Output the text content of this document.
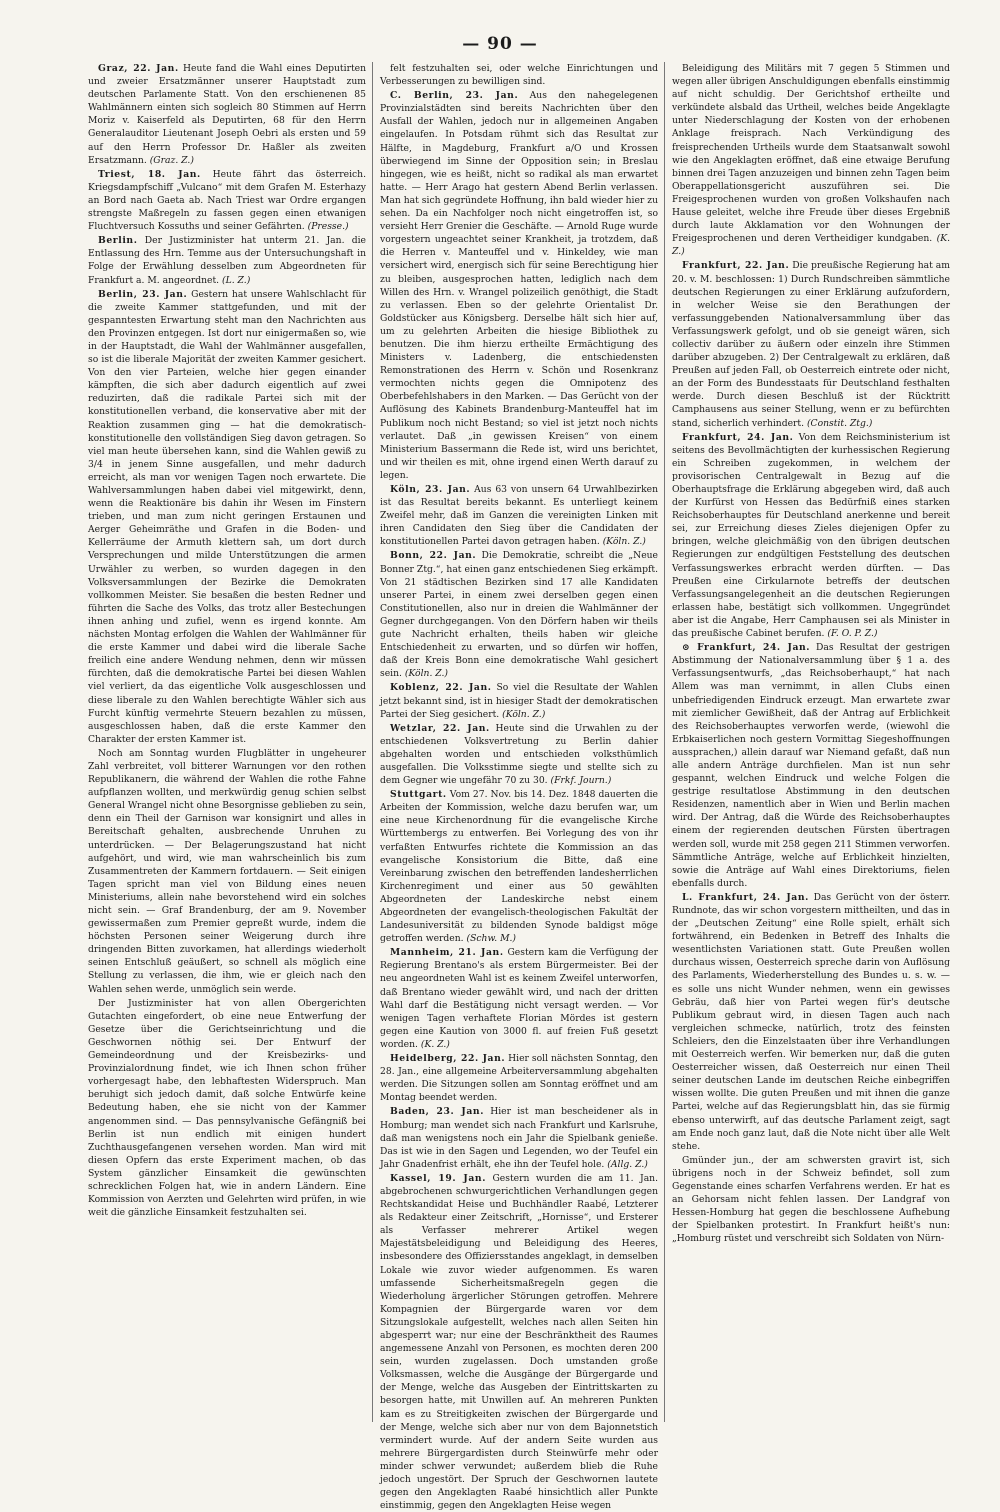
— 90 —

Graz, 22. Jan. Heute fand die Wahl eines Deputirten und zweier Ersatzmänner unserer Hauptstadt zum deutschen Parlamente Statt. Von den erschienenen 85 Wahlmännern einten sich sogleich 80 Stimmen auf Herrn Moriz v. Kaiserfeld als Deputirten, 68 für den Herrn Generalauditor Lieutenant Joseph Oebri als ersten und 59 auf den Herrn Professor Dr. Haßler als zweiten Ersatzmann. (Graz. Z.)

Triest, 18. Jan. Heute fährt das österreich. Kriegsdampfschiff „Vulcano“ mit dem Grafen M. Esterhazy an Bord nach Gaeta ab. Nach Triest war Ordre ergangen strengste Maßregeln zu fassen gegen einen etwanigen Fluchtversuch Kossuths und seiner Gefährten. (Presse.)

Berlin. Der Justizminister hat unterm 21. Jan. die Entlassung des Hrn. Temme aus der Untersuchungshaft in Folge der Erwählung desselben zum Abgeordneten für Frankfurt a. M. angeordnet. (L. Z.)

Berlin, 23. Jan. Gestern hat unsere Wahlschlacht für die zweite Kammer stattgefunden, und mit der gespanntesten Erwartung steht man den Nachrichten aus den Provinzen entgegen. Ist dort nur einigermaßen so, wie in der Hauptstadt, die Wahl der Wahlmänner ausgefallen, so ist die liberale Majorität der zweiten Kammer gesichert. Von den vier Parteien, welche hier gegen einander kämpften, die sich aber dadurch eigentlich auf zwei reduzirten, daß die radikale Partei sich mit der konstitutionellen verband, die konservative aber mit der Reaktion zusammen ging — hat die demokratisch-konstitutionelle den vollständigen Sieg davon getragen. So viel man heute übersehen kann, sind die Wahlen gewiß zu 3/4 in jenem Sinne ausgefallen, und mehr dadurch erreicht, als man vor wenigen Tagen noch erwartete. Die Wahlversammlungen haben dabei viel mitgewirkt, denn, wenn die Reaktionäre bis dahin ihr Wesen im Finstern trieben, und man zum nicht geringen Erstaunen und Aerger Geheimräthe und Grafen in die Boden- und Kellerräume der Armuth klettern sah, um dort durch Versprechungen und milde Unterstützungen die armen Urwähler zu werben, so wurden dagegen in den Volksversammlungen der Bezirke die Demokraten vollkommen Meister. Sie besaßen die besten Redner und führten die Sache des Volks, das trotz aller Bestechungen ihnen anhing und zufiel, wenn es irgend konnte. Am nächsten Montag erfolgen die Wahlen der Wahlmänner für die erste Kammer und dabei wird die liberale Sache freilich eine andere Wendung nehmen, denn wir müssen fürchten, daß die demokratische Partei bei diesen Wahlen viel verliert, da das eigentliche Volk ausgeschlossen und diese liberale zu den Wahlen berechtigte Wähler sich aus Furcht künftig vermehrte Steuern bezahlen zu müssen, ausgeschlossen haben, daß die erste Kammer den Charakter der ersten Kammer ist.

Noch am Sonntag wurden Flugblätter in ungeheurer Zahl verbreitet, voll bitterer Warnungen vor den rothen Republikanern, die während der Wahlen die rothe Fahne aufpflanzen wollten, und merkwürdig genug schien selbst General Wrangel nicht ohne Besorgnisse geblieben zu sein, denn ein Theil der Garnison war konsignirt und alles in Bereitschaft gehalten, ausbrechende Unruhen zu unterdrücken. — Der Belagerungszustand hat nicht aufgehört, und wird, wie man wahrscheinlich bis zum Zusammentreten der Kammern fortdauern. — Seit einigen Tagen spricht man viel von Bildung eines neuen Ministeriums, allein nahe bevorstehend wird ein solches nicht sein. — Graf Brandenburg, der am 9. November gewissermaßen zum Premier gepreßt wurde, indem die höchsten Personen seiner Weigerung durch ihre dringenden Bitten zuvorkamen, hat allerdings wiederholt seinen Entschluß geäußert, so schnell als möglich eine Stellung zu verlassen, die ihm, wie er gleich nach den Wahlen sehen werde, unmöglich sein werde.

Der Justizminister hat von allen Obergerichten Gutachten eingefordert, ob eine neue Entwerfung der Gesetze über die Gerichtseinrichtung und die Geschwornen nöthig sei. Der Entwurf der Gemeindeordnung und der Kreisbezirks- und Provinzialordnung findet, wie ich Ihnen schon früher vorhergesagt habe, den lebhaftesten Widerspruch. Man beruhigt sich jedoch damit, daß solche Entwürfe keine Bedeutung haben, ehe sie nicht von der Kammer angenommen sind. — Das pennsylvanische Gefängniß bei Berlin ist nun endlich mit einigen hundert Zuchthausgefangenen versehen worden. Man wird mit diesen Opfern das erste Experiment machen, ob das System gänzlicher Einsamkeit die gewünschten schrecklichen Folgen hat, wie in andern Ländern. Eine Kommission von Aerzten und Gelehrten wird prüfen, in wie weit die gänzliche Einsamkeit festzuhalten sei.

felt festzuhalten sei, oder welche Einrichtungen und Verbesserungen zu bewilligen sind.

C. Berlin, 23. Jan. Aus den nahegelegenen Provinzialstädten sind bereits Nachrichten über den Ausfall der Wahlen, jedoch nur in allgemeinen Angaben eingelaufen. In Potsdam rühmt sich das Resultat zur Hälfte, in Magdeburg, Frankfurt a/O und Krossen überwiegend im Sinne der Opposition sein; in Breslau hingegen, wie es heißt, nicht so radikal als man erwartet hatte. — Herr Arago hat gestern Abend Berlin verlassen. Man hat sich gegründete Hoffnung, ihn bald wieder hier zu sehen. Da ein Nachfolger noch nicht eingetroffen ist, so versieht Herr Grenier die Geschäfte. — Arnold Ruge wurde vorgestern ungeachtet seiner Krankheit, ja trotzdem, daß die Herren v. Manteuffel und v. Hinkeldey, wie man versichert wird, energisch sich für seine Berechtigung hier zu bleiben, ausgesprochen hatten, lediglich nach dem Willen des Hrn. v. Wrangel polizeilich genöthigt, die Stadt zu verlassen. Eben so der gelehrte Orientalist Dr. Goldstücker aus Königsberg. Derselbe hält sich hier auf, um zu gelehrten Arbeiten die hiesige Bibliothek zu benutzen. Die ihm hierzu ertheilte Ermächtigung des Ministers v. Ladenberg, die entschiedensten Remonstrationen des Herrn v. Schön und Rosenkranz vermochten nichts gegen die Omnipotenz des Oberbefehlshabers in den Marken. — Das Gerücht von der Auflösung des Kabinets Brandenburg-Manteuffel hat im Publikum noch nicht Bestand; so viel ist jetzt noch nichts verlautet. Daß „in gewissen Kreisen“ von einem Ministerium Bassermann die Rede ist, wird uns berichtet, und wir theilen es mit, ohne irgend einen Werth darauf zu legen.

Köln, 23. Jan. Aus 63 von unsern 64 Urwahlbezirken ist das Resultat bereits bekannt. Es unterliegt keinem Zweifel mehr, daß im Ganzen die vereinigten Linken mit ihren Candidaten den Sieg über die Candidaten der konstitutionellen Partei davon getragen haben. (Köln. Z.)

Bonn, 22. Jan. Die Demokratie, schreibt die „Neue Bonner Ztg.“, hat einen ganz entschiedenen Sieg erkämpft. Von 21 städtischen Bezirken sind 17 alle Kandidaten unserer Partei, in einem zwei derselben gegen einen Constitutionellen, also nur in dreien die Wahlmänner der Gegner durchgegangen. Von den Dörfern haben wir theils gute Nachricht erhalten, theils haben wir gleiche Entschiedenheit zu erwarten, und so dürfen wir hoffen, daß der Kreis Bonn eine demokratische Wahl gesichert sein. (Köln. Z.)

Koblenz, 22. Jan. So viel die Resultate der Wahlen jetzt bekannt sind, ist in hiesiger Stadt der demokratischen Partei der Sieg gesichert. (Köln. Z.)

Wetzlar, 22. Jan. Heute sind die Urwahlen zu der entschiedenen Volksvertretung zu Berlin dahier abgehalten worden und entschieden volksthümlich ausgefallen. Die Volksstimme siegte und stellte sich zu dem Gegner wie ungefähr 70 zu 30. (Frkf. Journ.)

Stuttgart. Vom 27. Nov. bis 14. Dez. 1848 dauerten die Arbeiten der Kommission, welche dazu berufen war, um eine neue Kirchenordnung für die evangelische Kirche Württembergs zu entwerfen. Bei Vorlegung des von ihr verfaßten Entwurfes richtete die Kommission an das evangelische Konsistorium die Bitte, daß eine Vereinbarung zwischen den betreffenden landesherrlichen Kirchenregiment und einer aus 50 gewählten Abgeordneten der Landeskirche nebst einem Abgeordneten der evangelisch-theologischen Fakultät der Landesuniversität zu bildenden Synode baldigst möge getroffen werden. (Schw. M.)

Mannheim, 21. Jan. Gestern kam die Verfügung der Regierung Brentano's als erstem Bürgermeister. Bei der neu angeordneten Wahl ist es keinem Zweifel unterworfen, daß Brentano wieder gewählt wird, und nach der dritten Wahl darf die Bestätigung nicht versagt werden. — Vor wenigen Tagen verhaftete Florian Mördes ist gestern gegen eine Kaution von 3000 fl. auf freien Fuß gesetzt worden. (K. Z.)

Heidelberg, 22. Jan. Hier soll nächsten Sonntag, den 28. Jan., eine allgemeine Arbeiterversammlung abgehalten werden. Die Sitzungen sollen am Sonntag eröffnet und am Montag beendet werden.

Baden, 23. Jan. Hier ist man bescheidener als in Homburg; man wendet sich nach Frankfurt und Karlsruhe, daß man wenigstens noch ein Jahr die Spielbank genieße. Das ist wie in den Sagen und Legenden, wo der Teufel ein Jahr Gnadenfrist erhält, ehe ihn der Teufel hole. (Allg. Z.)

Kassel, 19. Jan. Gestern wurden die am 11. Jan. abgebrochenen schwurgerichtlichen Verhandlungen gegen Rechtskandidat Heise und Buchhändler Raabé, Letzterer als Redakteur einer Zeitschrift, „Hornisse“, und Ersterer als Verfasser mehrerer Artikel wegen Majestätsbeleidigung und Beleidigung des Heeres, insbesondere des Offiziersstandes angeklagt, in demselben Lokale wie zuvor wieder aufgenommen. Es waren umfassende Sicherheitsmaßregeln gegen die Wiederholung ärgerlicher Störungen getroffen. Mehrere Kompagnien der Bürgergarde waren vor dem Sitzungslokale aufgestellt, welches nach allen Seiten hin abgesperrt war; nur eine der Beschränktheit des Raumes angemessene Anzahl von Personen, es mochten deren 200 sein, wurden zugelassen. Doch umstanden große Volksmassen, welche die Ausgänge der Bürgergarde und der Menge, welche das Ausgeben der Eintrittskarten zu besorgen hatte, mit Unwillen auf. An mehreren Punkten kam es zu Streitigkeiten zwischen der Bürgergarde und der Menge, welche sich aber nur von dem Bajonnetstich vermindert wurde. Auf der andern Seite wurden aus mehrere Bürgergardisten durch Steinwürfe mehr oder minder schwer verwundet; außerdem blieb die Ruhe jedoch ungestört. Der Spruch der Geschwornen lautete gegen den Angeklagten Raabé hinsichtlich aller Punkte einstimmig, gegen den Angeklagten Heise wegen

Beleidigung des Militärs mit 7 gegen 5 Stimmen und wegen aller übrigen Anschuldigungen ebenfalls einstimmig auf nicht schuldig. Der Gerichtshof ertheilte und verkündete alsbald das Urtheil, welches beide Angeklagte unter Niederschlagung der Kosten von der erhobenen Anklage freisprach. Nach Verkündigung des freisprechenden Urtheils wurde dem Staatsanwalt sowohl wie den Angeklagten eröffnet, daß eine etwaige Berufung binnen drei Tagen anzuzeigen und binnen zehn Tagen beim Oberappellationsgericht auszuführen sei. Die Freigesprochenen wurden von großen Volkshaufen nach Hause geleitet, welche ihre Freude über dieses Ergebniß durch laute Akklamation vor den Wohnungen der Freigesprochenen und deren Vertheidiger kundgaben. (K. Z.)

Frankfurt, 22. Jan. Die preußische Regierung hat am 20. v. M. beschlossen: 1) Durch Rundschreiben sämmtliche deutschen Regierungen zu einer Erklärung aufzufordern, in welcher Weise sie den Berathungen der verfassunggebenden Nationalversammlung über das Verfassungswerk gefolgt, und ob sie geneigt wären, sich collectiv darüber zu äußern oder einzeln ihre Stimmen darüber abzugeben. 2) Der Centralgewalt zu erklären, daß Preußen auf jeden Fall, ob Oesterreich eintrete oder nicht, an der Form des Bundesstaats für Deutschland festhalten werde. Durch diesen Beschluß ist der Rücktritt Camphausens aus seiner Stellung, wenn er zu befürchten stand, sicherlich verhindert. (Constit. Ztg.)

Frankfurt, 24. Jan. Von dem Reichsministerium ist seitens des Bevollmächtigten der kurhessischen Regierung ein Schreiben zugekommen, in welchem der provisorischen Centralgewalt in Bezug auf die Oberhauptsfrage die Erklärung abgegeben wird, daß auch der Kurfürst von Hessen das Bedürfniß eines starken Reichsoberhauptes für Deutschland anerkenne und bereit sei, zur Erreichung dieses Zieles diejenigen Opfer zu bringen, welche gleichmäßig von den übrigen deutschen Regierungen zur endgültigen Feststellung des deutschen Verfassungswerkes erbracht werden dürften. — Das Preußen eine Cirkularnote betreffs der deutschen Verfassungsangelegenheit an die deutschen Regierungen erlassen habe, bestätigt sich vollkommen. Ungegründet aber ist die Angabe, Herr Camphausen sei als Minister in das preußische Cabinet berufen. (F. O. P. Z.)

⊙ Frankfurt, 24. Jan. Das Resultat der gestrigen Abstimmung der Nationalversammlung über § 1 a. des Verfassungsentwurfs, „das Reichsoberhaupt,“ hat nach Allem was man vernimmt, in allen Clubs einen unbefriedigenden Eindruck erzeugt. Man erwartete zwar mit ziemlicher Gewißheit, daß der Antrag auf Erblichkeit des Reichsoberhauptes verworfen werde, (wiewohl die Erbkaiserlichen noch gestern Vormittag Siegeshoffnungen aussprachen,) allein darauf war Niemand gefaßt, daß nun alle andern Anträge durchfielen. Man ist nun sehr gespannt, welchen Eindruck und welche Folgen die gestrige resultatlose Abstimmung in den deutschen Residenzen, namentlich aber in Wien und Berlin machen wird. Der Antrag, daß die Würde des Reichsoberhauptes einem der regierenden deutschen Fürsten übertragen werden soll, wurde mit 258 gegen 211 Stimmen verworfen. Sämmtliche Anträge, welche auf Erblichkeit hinzielten, sowie die Anträge auf Wahl eines Direktoriums, fielen ebenfalls durch.

L. Frankfurt, 24. Jan. Das Gerücht von der österr. Rundnote, das wir schon vorgestern mittheilten, und das in der „Deutschen Zeitung“ eine Rolle spielt, erhält sich fortwährend, ein Bedenken in Betreff des Inhalts die wesentlichsten Variationen statt. Gute Preußen wollen durchaus wissen, Oesterreich spreche darin von Auflösung des Parlaments, Wiederherstellung des Bundes u. s. w. — es solle uns nicht Wunder nehmen, wenn ein gewisses Gebräu, daß hier von Partei wegen für's deutsche Publikum gebraut wird, in diesen Tagen auch nach vergleichen schmecke, natürlich, trotz des feinsten Schleiers, den die Einzelstaaten über ihre Verhandlungen mit Oesterreich werfen. Wir bemerken nur, daß die guten Oesterreicher wissen, daß Oesterreich nur einen Theil seiner deutschen Lande im deutschen Reiche einbegriffen wissen wollte. Die guten Preußen und mit ihnen die ganze Partei, welche auf das Regierungsblatt hin, das sie fürmig ebenso unterwirft, auf das deutsche Parlament zeigt, sagt am Ende noch ganz laut, daß die Note nicht über alle Welt stehe.

Gmünder jun., der am schwersten gravirt ist, sich übrigens noch in der Schweiz befindet, soll zum Gegenstande eines scharfen Verfahrens werden. Er hat es an Gehorsam nicht fehlen lassen. Der Landgraf von Hessen-Homburg hat gegen die beschlossene Aufhebung der Spielbanken protestirt. In Frankfurt heißt's nun: „Homburg rüstet und verschreibt sich Soldaten von Nürn-
